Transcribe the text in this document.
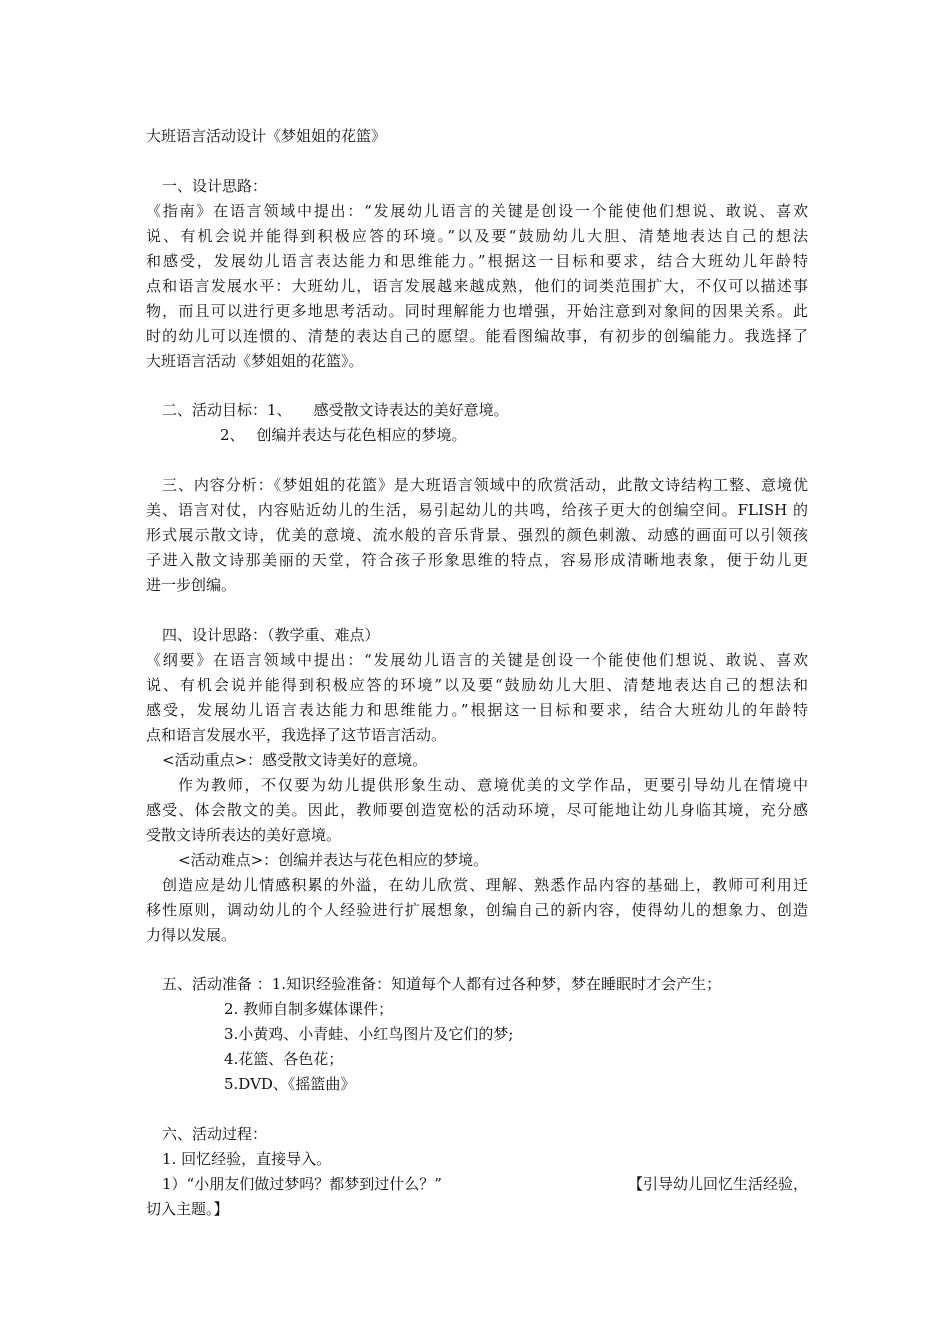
大班语言活动设计《梦姐姐的花篮》
一、设计思路：
《指南》在语言领域中提出：“发展幼儿语言的关键是创设一个能使他们想说、敢说、喜欢
说、有机会说并能得到积极应答的环境。”以及要“鼓励幼儿大胆、清楚地表达自己的想法
和感受，发展幼儿语言表达能力和思维能力。”根据这一目标和要求，结合大班幼儿年龄特
点和语言发展水平：大班幼儿，语言发展越来越成熟，他们的词类范围扩大，不仅可以描述事
物，而且可以进行更多地思考活动。同时理解能力也增强，开始注意到对象间的因果关系。此
时的幼儿可以连惯的、清楚的表达自己的愿望。能看图编故事，有初步的创编能力。我选择了
大班语言活动《梦姐姐的花篮》。
二、活动目标：1、 感受散文诗表达的美好意境。
2、 创编并表达与花色相应的梦境。
三、内容分析：《梦姐姐的花篮》是大班语言领域中的欣赏活动，此散文诗结构工整、意境优
美、语言对仗，内容贴近幼儿的生活，易引起幼儿的共鸣，给孩子更大的创编空间。FLISH 的
形式展示散文诗，优美的意境、流水般的音乐背景、强烈的颜色刺激、动感的画面可以引领孩
子进入散文诗那美丽的天堂，符合孩子形象思维的特点，容易形成清晰地表象，便于幼儿更
进一步创编。
四、设计思路：（教学重、难点）
《纲要》在语言领域中提出：“发展幼儿语言的关键是创设一个能使他们想说、敢说、喜欢
说、有机会说并能得到积极应答的环境”以及要“鼓励幼儿大胆、清楚地表达自己的想法和
感受，发展幼儿语言表达能力和思维能力。”根据这一目标和要求，结合大班幼儿的年龄特
点和语言发展水平，我选择了这节语言活动。
<活动重点>：感受散文诗美好的意境。
作为教师，不仅要为幼儿提供形象生动、意境优美的文学作品，更要引导幼儿在情境中
感受、体会散文的美。因此，教师要创造宽松的活动环境，尽可能地让幼儿身临其境，充分感
受散文诗所表达的美好意境。
<活动难点>：创编并表达与花色相应的梦境。
创造应是幼儿情感积累的外溢，在幼儿欣赏、理解、熟悉作品内容的基础上，教师可利用迁
移性原则，调动幼儿的个人经验进行扩展想象，创编自己的新内容，使得幼儿的想象力、创造
力得以发展。
五、活动准备 ：1.知识经验准备：知道每个人都有过各种梦，梦在睡眠时才会产生；
2. 教师自制多媒体课件；
3.小黄鸡、小青蛙、小红鸟图片及它们的梦;
4.花篮、各色花；
5.DVD、《摇篮曲》
六、活动过程：
1. 回忆经验，直接导入。
1）“小朋友们做过梦吗？都梦到过什么？”	【引导幼儿回忆生活经验，
切入主题。】
